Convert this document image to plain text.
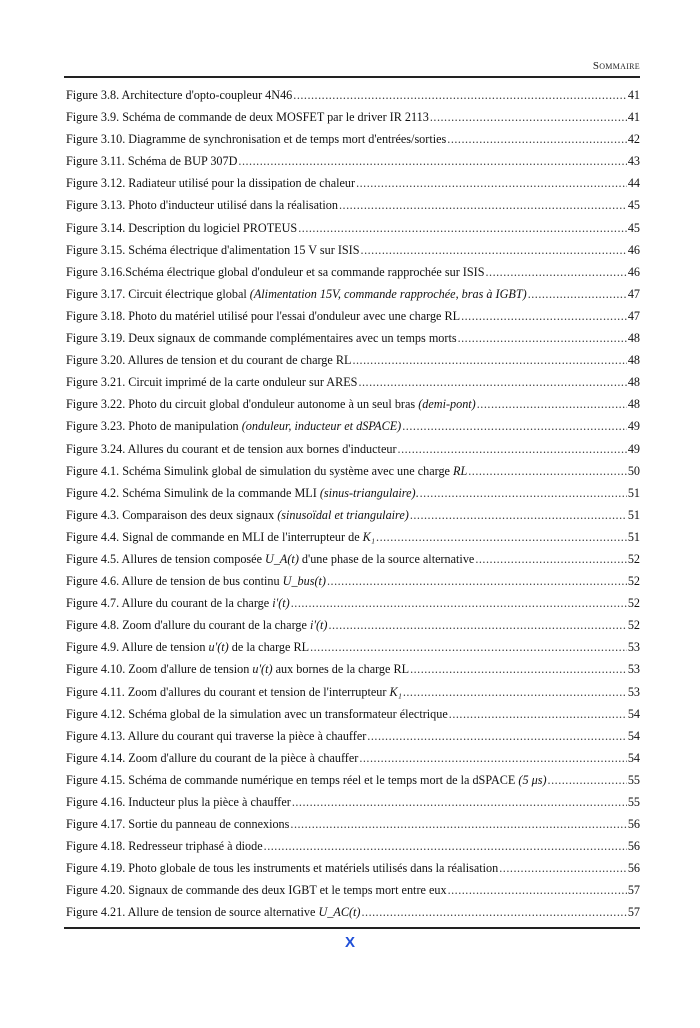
Sommaire
Figure 3.8. Architecture d'opto-coupleur 4N46 .....	41
Figure 3.9. Schéma de commande de deux MOSFET par le driver IR 2113 .....	41
Figure 3.10. Diagramme de synchronisation et de temps mort d'entrées/sorties .....	42
Figure 3.11. Schéma de BUP 307D .....	43
Figure 3.12. Radiateur utilisé pour la dissipation de chaleur .....	44
Figure 3.13. Photo d'inducteur utilisé dans la réalisation .....	45
Figure 3.14. Description du logiciel PROTEUS .....	45
Figure 3.15. Schéma électrique d'alimentation 15 V sur ISIS .....	46
Figure 3.16.Schéma électrique global d'onduleur et sa commande rapprochée sur ISIS .....	46
Figure 3.17. Circuit électrique global (Alimentation 15V, commande rapprochée, bras à IGBT) .....	47
Figure 3.18. Photo du matériel utilisé pour l'essai d'onduleur avec une charge RL .....	47
Figure 3.19. Deux signaux de commande complémentaires avec un temps morts .....	48
Figure 3.20. Allures de tension et du courant de charge RL .....	48
Figure 3.21. Circuit imprimé de la carte onduleur sur ARES .....	48
Figure 3.22. Photo du circuit global d'onduleur autonome à un seul bras (demi-pont) .....	48
Figure 3.23. Photo de manipulation (onduleur, inducteur et dSPACE) .....	49
Figure 3.24. Allures du courant et de tension aux bornes d'inducteur .....	49
Figure 4.1. Schéma Simulink global de simulation du système avec une charge RL .....	50
Figure 4.2. Schéma Simulink de la commande MLI (sinus-triangulaire). .....	51
Figure 4.3. Comparaison des deux signaux (sinusoïdal et triangulaire) .....	51
Figure 4.4. Signal de commande en MLI de l'interrupteur de K₁ .....	51
Figure 4.5. Allures de tension composée U_A(t) d'une phase de la source alternative .....	52
Figure 4.6. Allure de tension de bus continu U_bus(t) .....	52
Figure 4.7. Allure du courant de la charge i'(t) .....	52
Figure 4.8. Zoom d'allure du courant de la charge i'(t) .....	52
Figure 4.9. Allure de tension u'(t) de la charge RL .....	53
Figure 4.10. Zoom d'allure de tension u'(t) aux bornes de la charge RL .....	53
Figure 4.11. Zoom d'allures du courant et tension de l'interrupteur K₁ .....	53
Figure 4.12. Schéma global de la simulation avec un transformateur électrique .....	54
Figure 4.13. Allure du courant qui traverse la pièce à chauffer .....	54
Figure 4.14. Zoom d'allure du courant de la pièce à chauffer .....	54
Figure 4.15. Schéma de commande numérique en temps réel et le temps mort de la dSPACE (5 μs) .....	55
Figure 4.16. Inducteur plus la pièce à chauffer .....	55
Figure 4.17. Sortie du panneau de connexions .....	56
Figure 4.18. Redresseur triphasé à diode .....	56
Figure 4.19. Photo globale de tous les instruments et matériels utilisés dans la réalisation .....	56
Figure 4.20. Signaux de commande des deux IGBT et le temps mort entre eux .....	57
Figure 4.21. Allure de tension de source alternative U_AC(t) .....	57
X
